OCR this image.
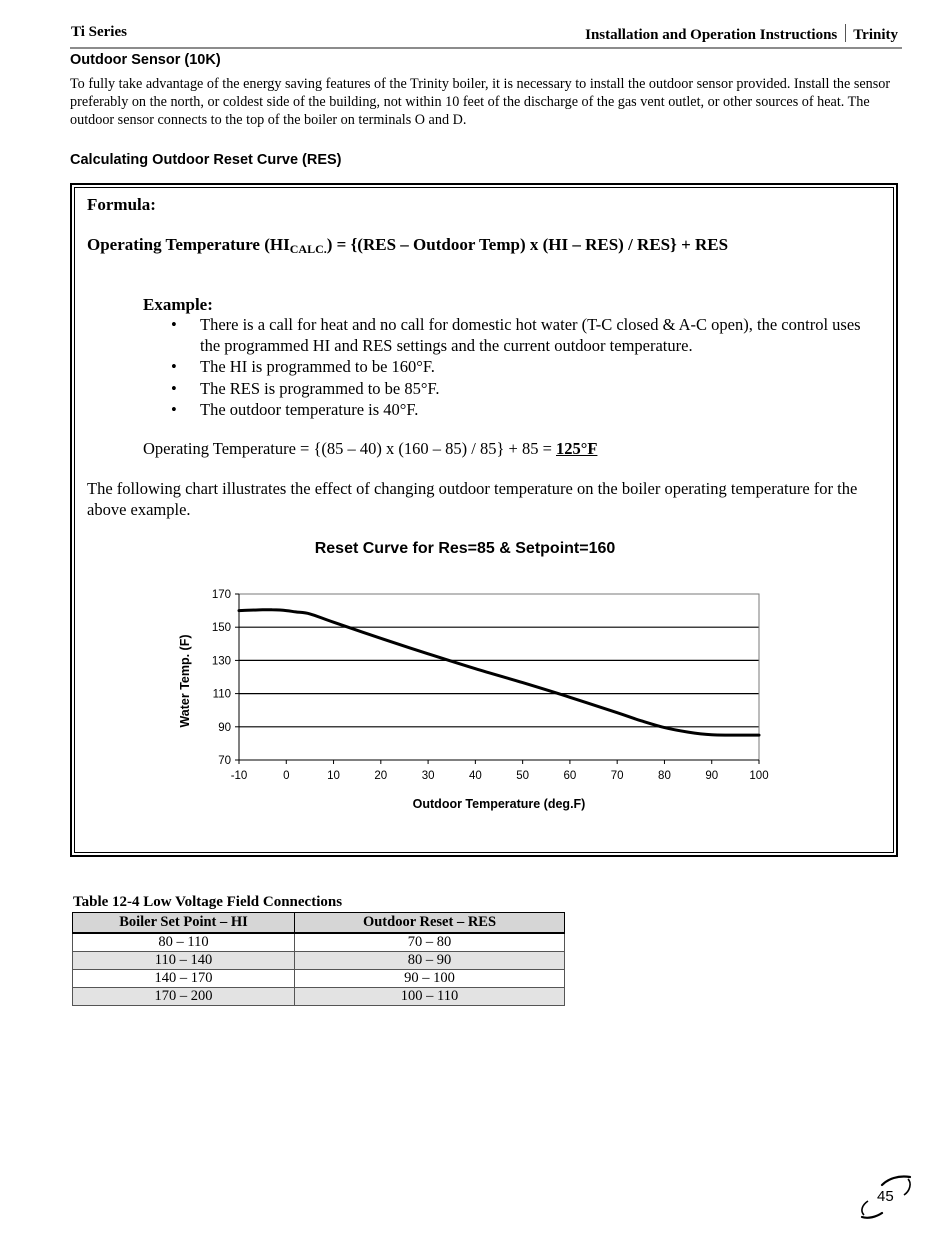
Ti Series	Installation and Operation Instructions Trinity
Outdoor Sensor (10K)
To fully take advantage of the energy saving features of the Trinity boiler, it is necessary to install the outdoor sensor provided. Install the sensor preferably on the north, or coldest side of the building, not within 10 feet of the discharge of the gas vent outlet, or other sources of heat. The outdoor sensor connects to the top of the boiler on terminals O and D.
Calculating Outdoor Reset Curve (RES)
Formula:
Operating Temperature $(HI_{CALC.}) = \{(RES$ – Outdoor Temp) x (HI – RES) / RES} + RES
Example:
• There is a call for heat and no call for domestic hot water (T-C closed & A-C open), the control uses the programmed HI and RES settings and the current outdoor temperature.
• The HI is programmed to be 160°F.
• The RES is programmed to be 85°F.
• The outdoor temperature is 40°F.
Operating Temperature = {(85 – 40) x (160 – 85) / 85} + 85 = 125°F
The following chart illustrates the effect of changing outdoor temperature on the boiler operating temperature for the above example.
Reset Curve for Res=85 & Setpoint=160
70
90
110
130
150
170
-10	0	10	20	30	40	50	60	70	80	90	100
Outdoor Temperature (deg.F)
Water Temp. (F)
Table 12-4 Low Voltage Field Connections
Boiler Set Point – HI	Outdoor Reset – RES
80 – 110	70 – 80
110 – 140	80 – 90
140 – 170	90 – 100
170 – 200	100 – 110
45
